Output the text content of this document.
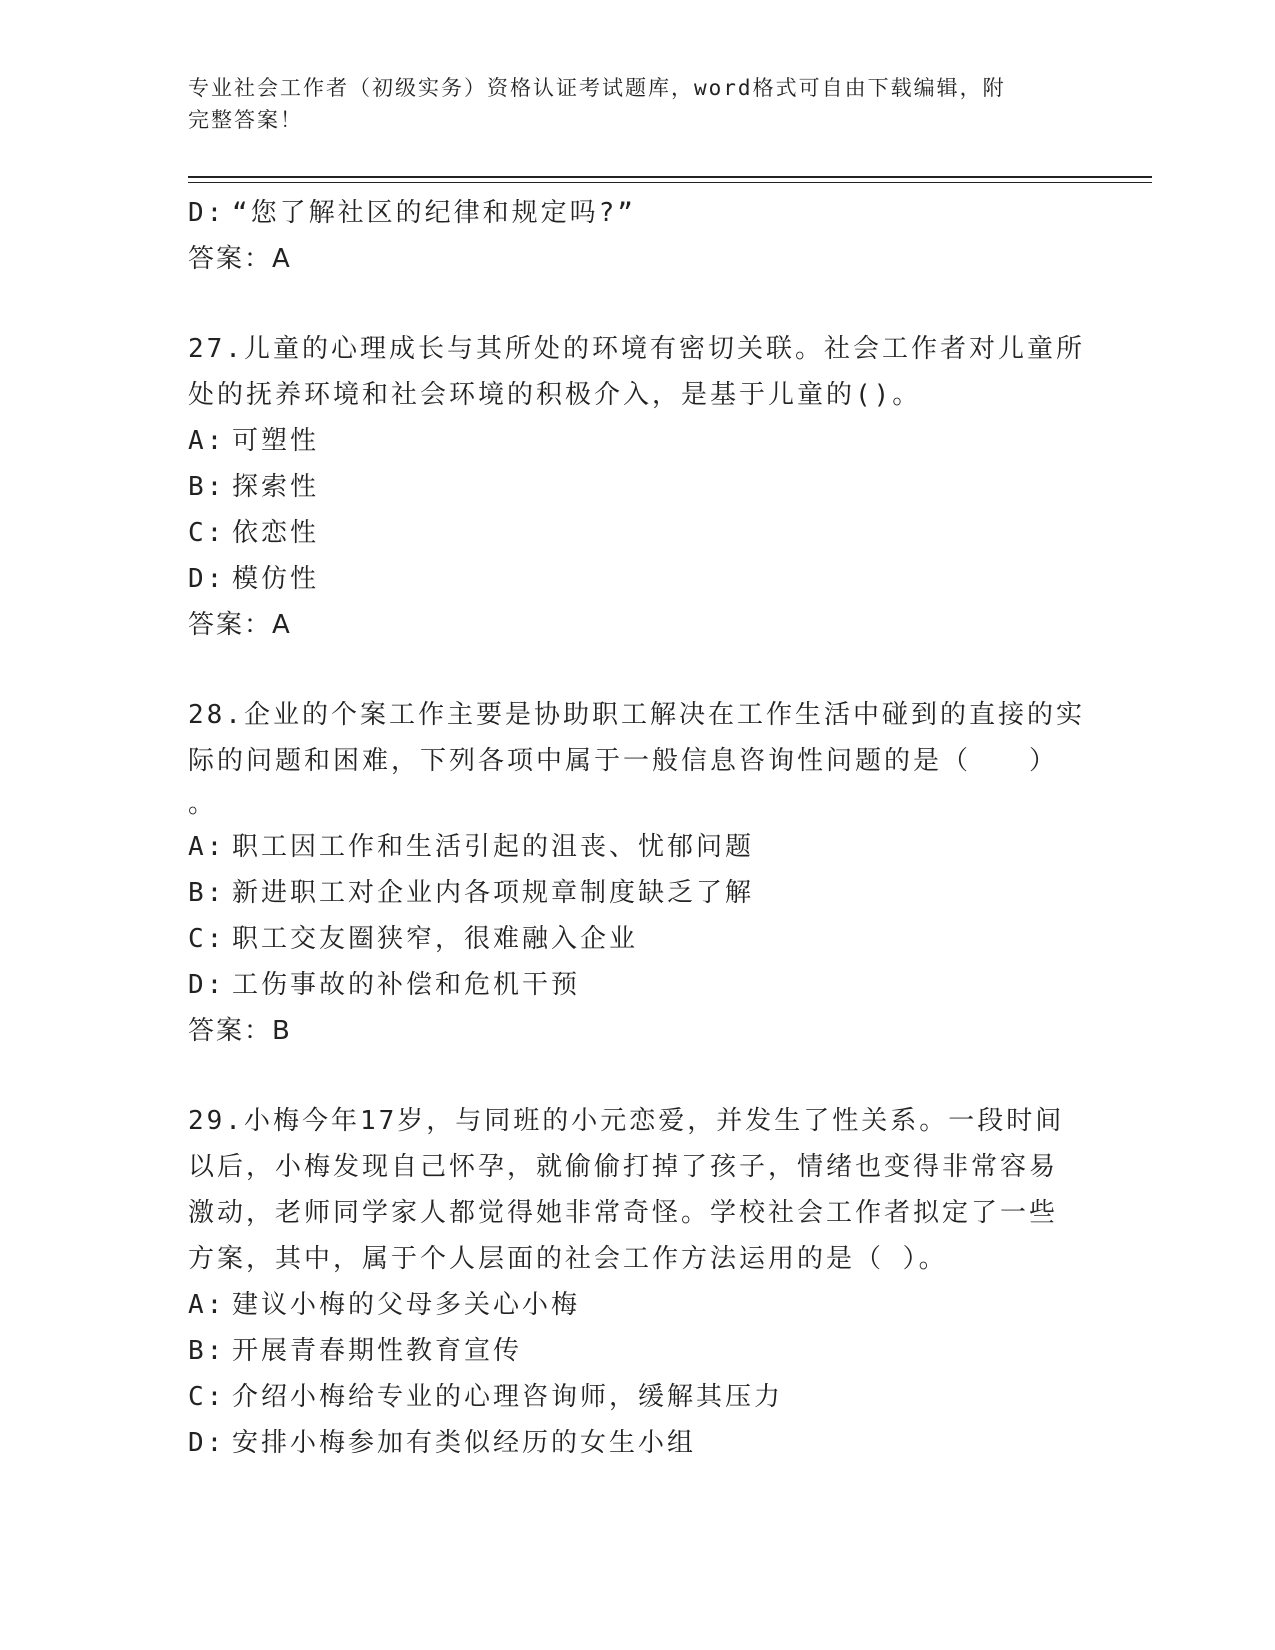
专业社会工作者（初级实务）资格认证考试题库，word格式可自由下载编辑，附
完整答案！
D: “您了解社区的纪律和规定吗?”
答案：A
27.儿童的心理成长与其所处的环境有密切关联。社会工作者对儿童所
处的抚养环境和社会环境的积极介入，是基于儿童的()。
A: 可塑性
B: 探索性
C: 依恋性
D: 模仿性
答案：A
28.企业的个案工作主要是协助职工解决在工作生活中碰到的直接的实
际的问题和困难，下列各项中属于一般信息咨询性问题的是（　　）
。
A: 职工因工作和生活引起的沮丧、忧郁问题
B: 新进职工对企业内各项规章制度缺乏了解
C: 职工交友圈狭窄，很难融入企业
D: 工伤事故的补偿和危机干预
答案：B
29.小梅今年17岁，与同班的小元恋爱，并发生了性关系。一段时间
以后，小梅发现自己怀孕，就偷偷打掉了孩子，情绪也变得非常容易
激动，老师同学家人都觉得她非常奇怪。学校社会工作者拟定了一些
方案，其中，属于个人层面的社会工作方法运用的是（ ）。
A: 建议小梅的父母多关心小梅
B: 开展青春期性教育宣传
C: 介绍小梅给专业的心理咨询师，缓解其压力
D: 安排小梅参加有类似经历的女生小组
